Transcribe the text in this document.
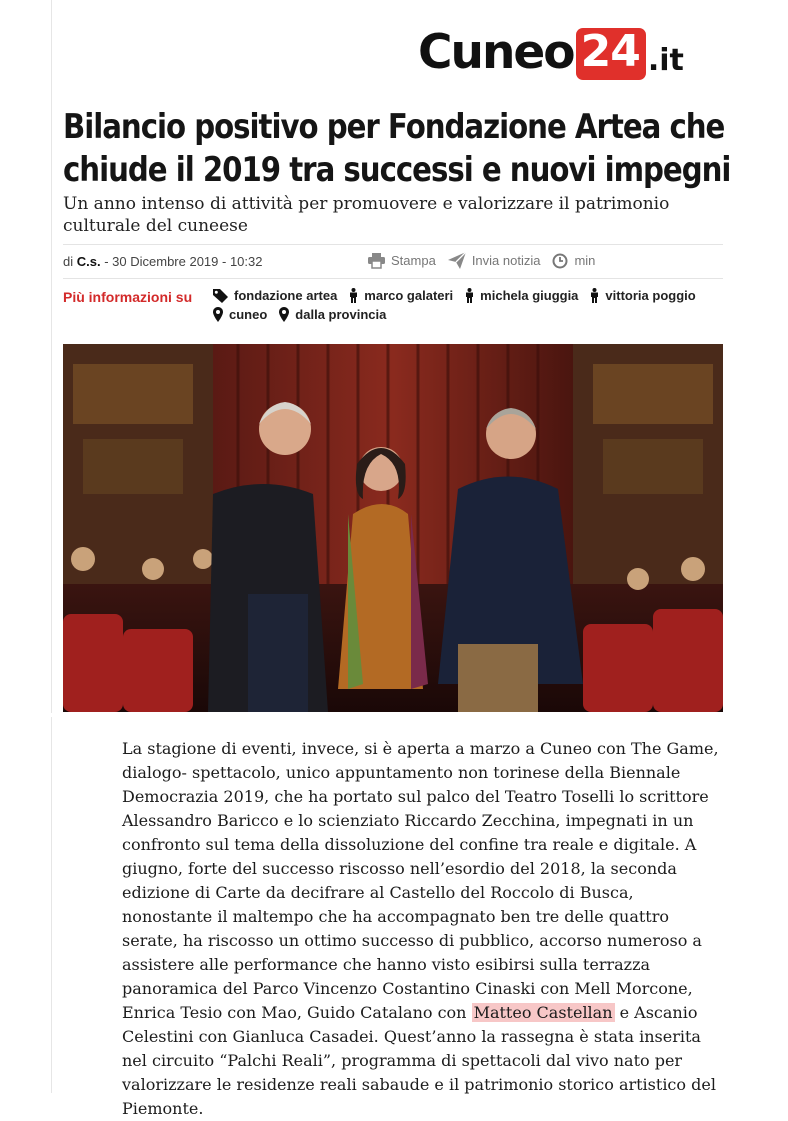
Cuneo 24 .it
Bilancio positivo per Fondazione Artea che chiude il 2019 tra successi e nuovi impegni

Un anno intenso di attività per promuovere e valorizzare il patrimonio culturale del cuneese

di C.s. - 30 Dicembre 2019 - 10:32	Stampa	Invia notizia	min
Più informazioni su	fondazione artea marco galateri michela giuggia vittoria poggio
cuneo dalla provincia

La stagione di eventi, invece, si è aperta a marzo a Cuneo con The Game, dialogo- spettacolo, unico appuntamento non torinese della Biennale Democrazia 2019, che ha portato sul palco del Teatro Toselli lo scrittore Alessandro Baricco e lo scienziato Riccardo Zecchina, impegnati in un confronto sul tema della dissoluzione del confine tra reale e digitale. A giugno, forte del successo riscosso nell’esordio del 2018, la seconda edizione di Carte da decifrare al Castello del Roccolo di Busca, nonostante il maltempo che ha accompagnato ben tre delle quattro serate, ha riscosso un ottimo successo di pubblico, accorso numeroso a assistere alle performance che hanno visto esibirsi sulla terrazza panoramica del Parco Vincenzo Costantino Cinaski con Mell Morcone, Enrica Tesio con Mao, Guido Catalano con Matteo Castellan e Ascanio Celestini con Gianluca Casadei. Quest’anno la rassegna è stata inserita nel circuito “Palchi Reali”, programma di spettacoli dal vivo nato per valorizzare le residenze reali sabaude e il patrimonio storico artistico del Piemonte.
